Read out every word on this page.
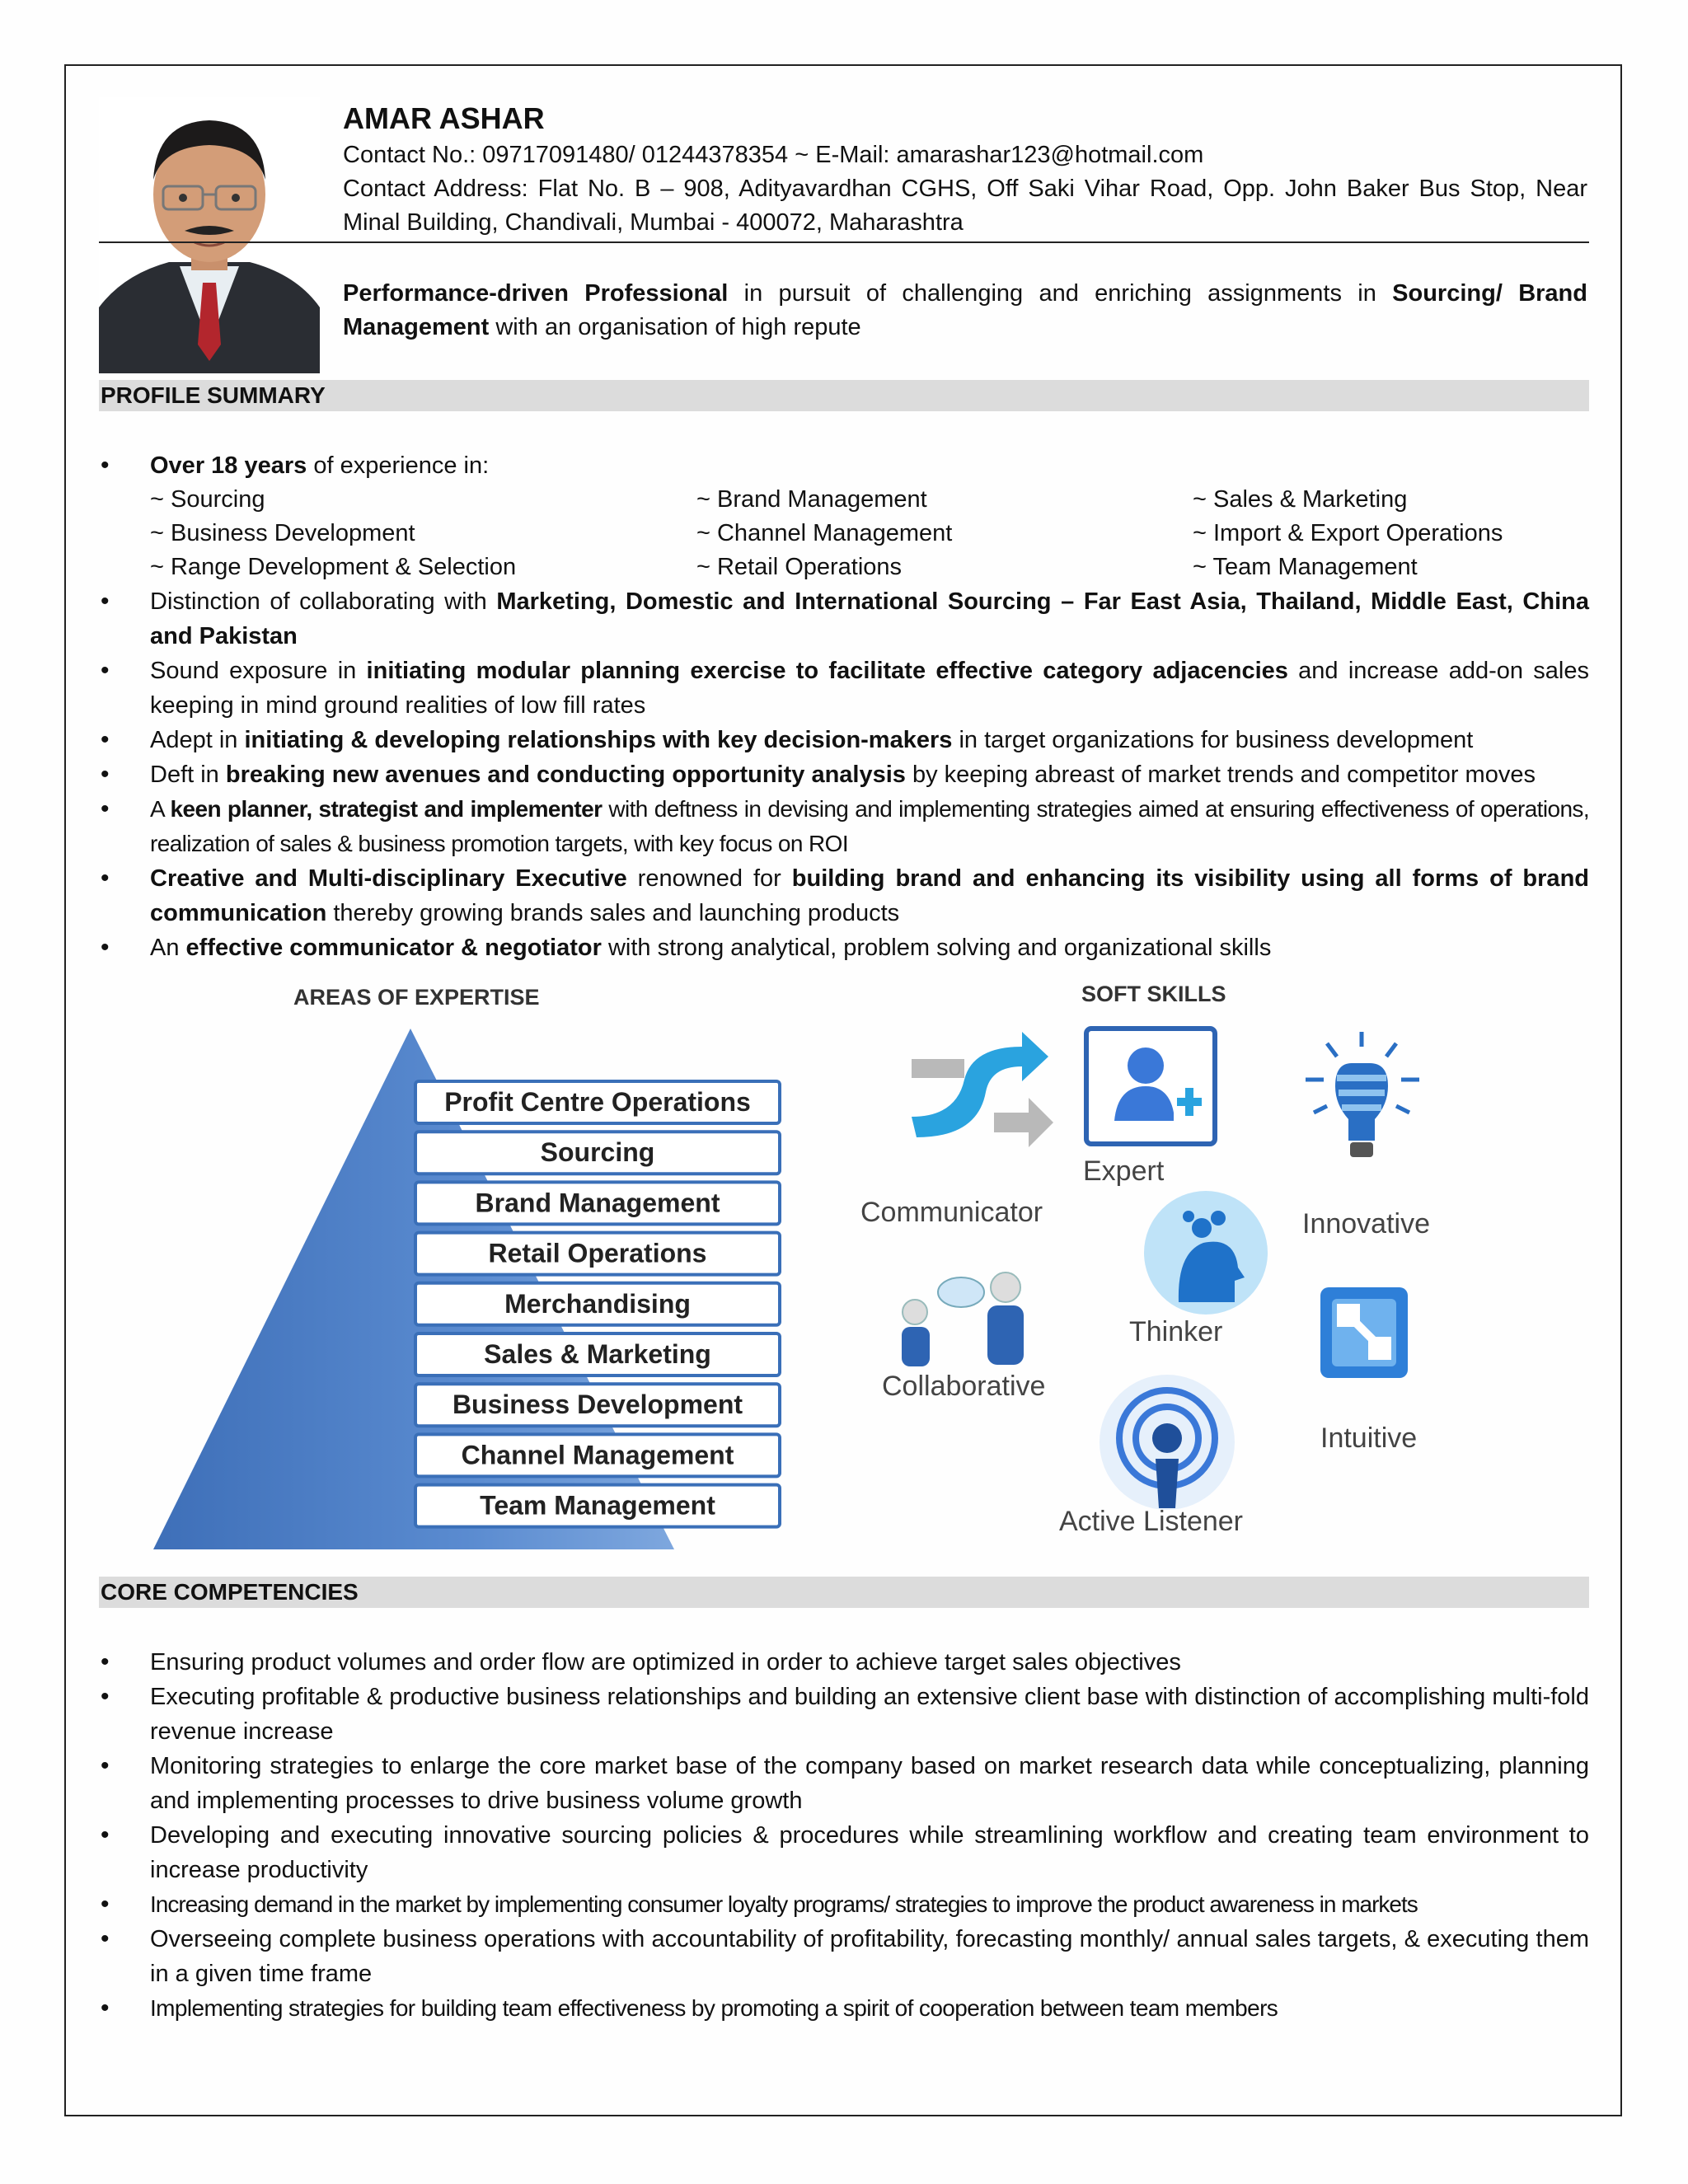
AMAR ASHAR
Contact No.: 09717091480/ 01244378354 ~ E-Mail: amarashar123@hotmail.com
Contact Address: Flat No. B – 908, Adityavardhan CGHS, Off Saki Vihar Road, Opp. John Baker Bus Stop, Near
Minal Building, Chandivali, Mumbai - 400072, Maharashtra
Performance-driven Professional in pursuit of challenging and enriching assignments in Sourcing/ Brand Management with an organisation of high repute
PROFILE SUMMARY
• Over 18 years of experience in:
~ Sourcing	~ Brand Management	~ Sales & Marketing
~ Business Development	~ Channel Management	~ Import & Export Operations
~ Range Development & Selection	~ Retail Operations	~ Team Management
• Distinction of collaborating with Marketing, Domestic and International Sourcing – Far East Asia, Thailand, Middle East, China and Pakistan
• Sound exposure in initiating modular planning exercise to facilitate effective category adjacencies and increase add-on sales keeping in mind ground realities of low fill rates
• Adept in initiating & developing relationships with key decision-makers in target organizations for business development
• Deft in breaking new avenues and conducting opportunity analysis by keeping abreast of market trends and competitor moves
• A keen planner, strategist and implementer with deftness in devising and implementing strategies aimed at ensuring effectiveness of operations, realization of sales & business promotion targets, with key focus on ROI
• Creative and Multi-disciplinary Executive renowned for building brand and enhancing its visibility using all forms of brand communication thereby growing brands sales and launching products
• An effective communicator & negotiator with strong analytical, problem solving and organizational skills
AREAS OF EXPERTISE
Profit Centre Operations
Sourcing
Brand Management
Retail Operations
Merchandising
Sales & Marketing
Business Development
Channel Management
Team Management
SOFT SKILLS
Expert
Communicator	Innovative
Thinker
Collaborative
Intuitive
Active Listener
CORE COMPETENCIES
• Ensuring product volumes and order flow are optimized in order to achieve target sales objectives
• Executing profitable & productive business relationships and building an extensive client base with distinction of accomplishing multi-fold revenue increase
• Monitoring strategies to enlarge the core market base of the company based on market research data while conceptualizing, planning and implementing processes to drive business volume growth
• Developing and executing innovative sourcing policies & procedures while streamlining workflow and creating team environment to increase productivity
• Increasing demand in the market by implementing consumer loyalty programs/ strategies to improve the product awareness in markets
• Overseeing complete business operations with accountability of profitability, forecasting monthly/ annual sales targets, & executing them in a given time frame
• Implementing strategies for building team effectiveness by promoting a spirit of cooperation between team members
